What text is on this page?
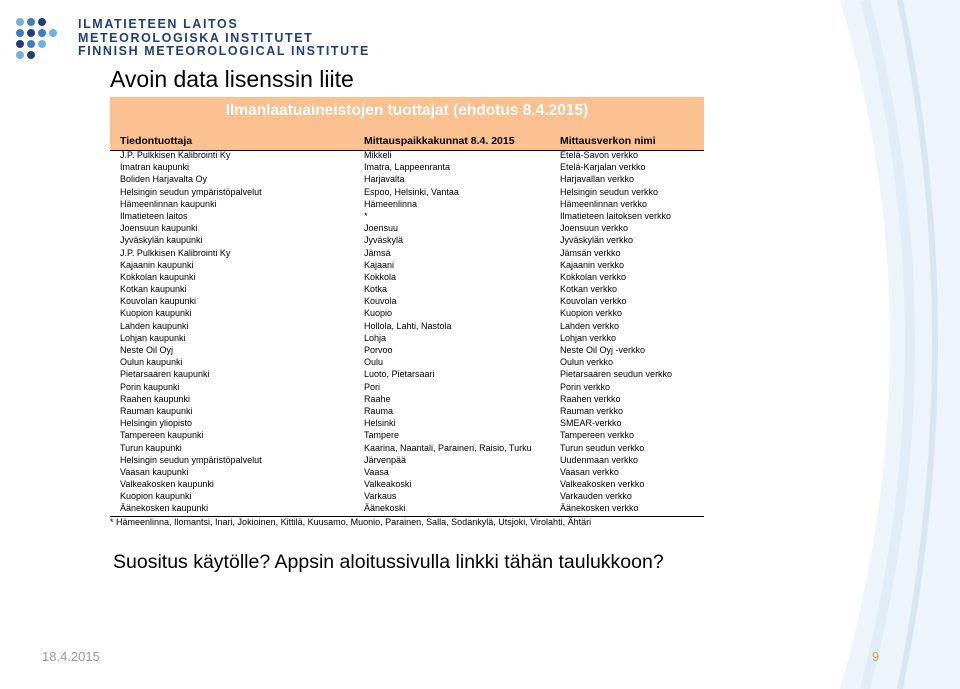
ILMATIETEEN LAITOS
METEOROLOGISKA INSTITUTET
FINNISH METEOROLOGICAL INSTITUTE
Avoin data lisenssin liite
Ilmanlaatuaineistojen tuottajat (ehdotus 8.4.2015)
Tiedontuottaja	Mittauspaikkakunnat 8.4. 2015	Mittausverkon nimi
J.P. Pulkkisen Kalibrointi Ky	Mikkeli	Etelä-Savon verkko
Imatran kaupunki	Imatra, Lappeenranta	Etelä-Karjalan verkko
Boliden Harjavalta Oy	Harjavalta	Harjavallan verkko
Helsingin seudun ympäristöpalvelut	Espoo, Helsinki, Vantaa	Helsingin seudun verkko
Hämeenlinnan kaupunki	Hämeenlinna	Hämeenlinnan verkko
Ilmatieteen laitos	*	Ilmatieteen laitoksen verkko
Joensuun kaupunki	Joensuu	Joensuun verkko
Jyväskylän kaupunki	Jyväskylä	Jyväskylän verkko
J.P. Pulkkisen Kalibrointi Ky	Jämsä	Jämsän verkko
Kajaanin kaupunki	Kajaani	Kajaanin verkko
Kokkolan kaupunki	Kokkola	Kokkolan verkko
Kotkan kaupunki	Kotka	Kotkan verkko
Kouvolan kaupunki	Kouvola	Kouvolan verkko
Kuopion kaupunki	Kuopio	Kuopion verkko
Lahden kaupunki	Hollola, Lahti, Nastola	Lahden verkko
Lohjan kaupunki	Lohja	Lohjan verkko
Neste Oil Oyj	Porvoo	Neste Oil Oyj -verkko
Oulun kaupunki	Oulu	Oulun verkko
Pietarsaaren kaupunki	Luoto, Pietarsaari	Pietarsaaren seudun verkko
Porin kaupunki	Pori	Porin verkko
Raahen kaupunki	Raahe	Raahen verkko
Rauman kaupunki	Rauma	Rauman verkko
Helsingin yliopisto	Helsinki	SMEAR-verkko
Tampereen kaupunki	Tampere	Tampereen verkko
Turun kaupunki	Kaarina, Naantali, Parainen, Raisio, Turku	Turun seudun verkko
Helsingin seudun ympäristöpalvelut	Järvenpää	Uudenmaan verkko
Vaasan kaupunki	Vaasa	Vaasan verkko
Valkeakosken kaupunki	Valkeakoski	Valkeakosken verkko
Kuopion kaupunki	Varkaus	Varkauden verkko
Äänekosken kaupunki	Äänekoski	Äänekosken verkko
* Hämeenlinna, Ilomantsi, Inari, Jokioinen, Kittilä, Kuusamo, Muonio, Parainen, Salla, Sodankylä, Utsjoki, Virolahti, Ähtäri
Suositus käytölle? Appsin aloitussivulla linkki tähän taulukkoon?
18.4.2015	9
